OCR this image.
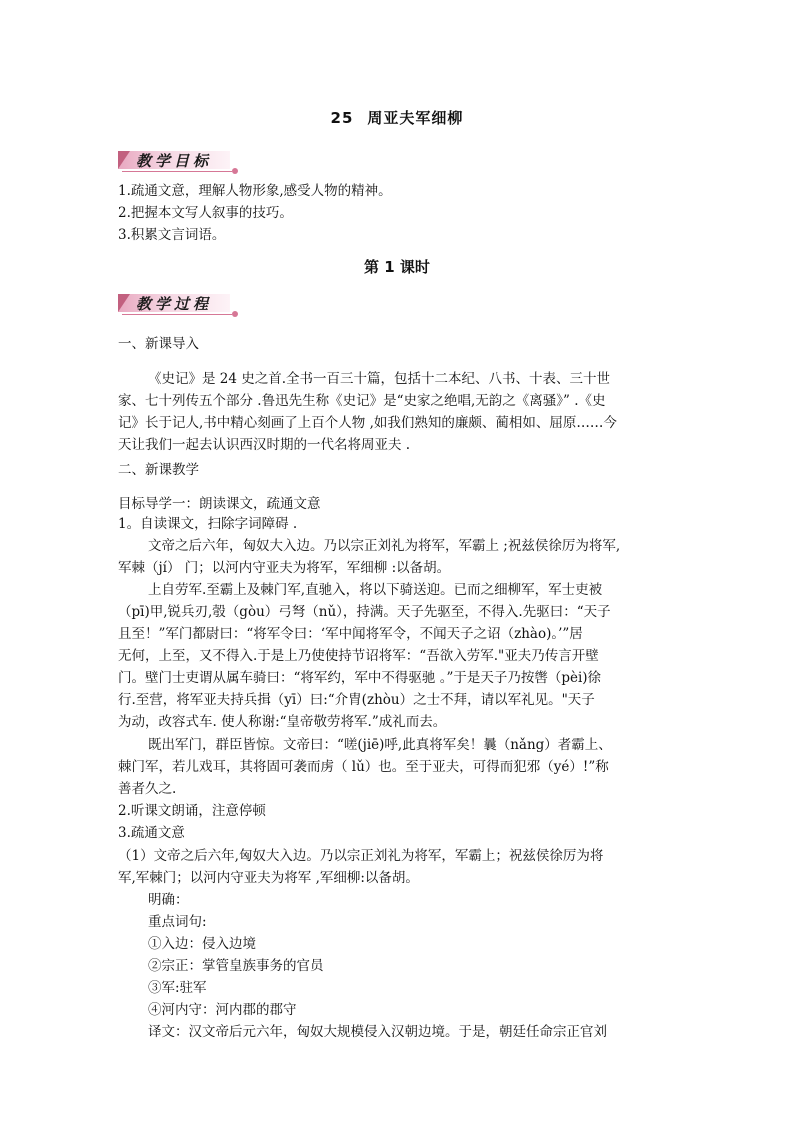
25 周亚夫军细柳
教学目标
1.疏通文意，理解人物形象,感受人物的精神。
2.把握本文写人叙事的技巧。
3.积累文言词语。
第 1 课时
教学过程
一、新课导入
《史记》是 24 史之首.全书一百三十篇，包括十二本纪、八书、十表、三十世
家、七十列传五个部分 .鲁迅先生称《史记》是“史家之绝唱,无韵之《离骚》” .《史
记》长于记人,书中精心刻画了上百个人物 ,如我们熟知的廉颇、蔺相如、屈原……今
天让我们一起去认识西汉时期的一代名将周亚夫 .
二、新课教学
目标导学一：朗读课文，疏通文意
1。自读课文，扫除字词障碍 .
文帝之后六年，匈奴大入边。乃以宗正刘礼为将军，军霸上 ;祝兹侯徐厉为将军,
军棘（jí） 门；以河内守亚夫为将军，军细柳 :以备胡。
上自劳军.至霸上及棘门军,直驰入，将以下骑送迎。已而之细柳军，军士吏被
（pī)甲,锐兵刃,彀（gòu）弓弩（nǔ），持满。天子先驱至，不得入.先驱曰：“天子
且至！”军门都尉曰：“将军令曰：‘军中闻将军令，不闻天子之诏（zhào)。’”居
无何，上至，又不得入.于是上乃使使持节诏将军：“吾欲入劳军."亚夫乃传言开壁
门。壁门士吏谓从属车骑曰：“将军约，军中不得驱驰 。”于是天子乃按辔（pèi)徐
行.至营，将军亚夫持兵揖（yī）曰:“介胄(zhòu）之士不拜，请以军礼见。"天子
为动，改容式车. 使人称谢:“皇帝敬劳将军.”成礼而去。
既出军门，群臣皆惊。文帝曰：“嗟(jiē)呼,此真将军矣！曩（nǎng）者霸上、
棘门军，若儿戏耳，其将固可袭而虏（ lǔ）也。至于亚夫，可得而犯邪（yé）!”称
善者久之.
2.听课文朗诵，注意停顿
3.疏通文意
（1）文帝之后六年,匈奴大入边。乃以宗正刘礼为将军，军霸上；祝兹侯徐厉为将
军,军棘门；以河内守亚夫为将军 ,军细柳:以备胡。
明确：
重点词句:
①入边：侵入边境
②宗正：掌管皇族事务的官员
③军:驻军
④河内守：河内郡的郡守
译文：汉文帝后元六年，匈奴大规模侵入汉朝边境。于是，朝廷任命宗正官刘
